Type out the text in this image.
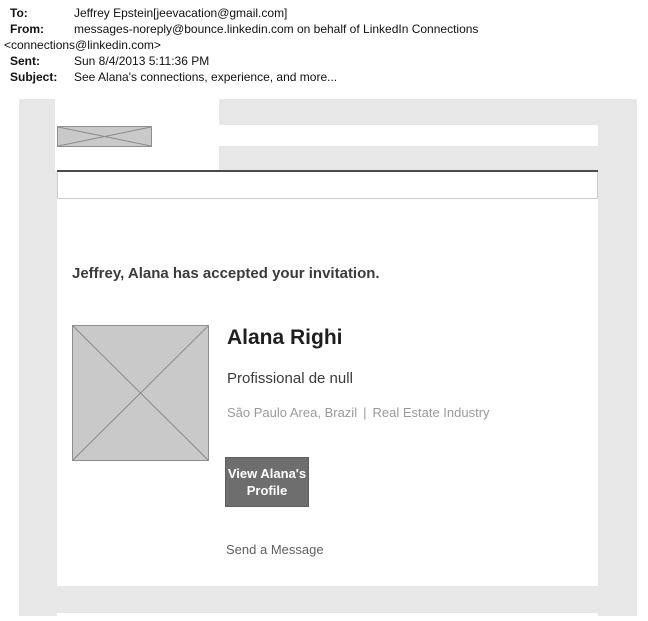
To:	Jeffrey Epstein[jeevacation@gmail.com]
From:	messages-noreply@bounce.linkedin.com on behalf of LinkedIn Connections
<connections@linkedin.com>
Sent:	Sun 8/4/2013 5:11:36 PM
Subject:	See Alana's connections, experience, and more...
Jeffrey, Alana has accepted your invitation.
Alana Righi
Profissional de null
São Paulo Area, Brazil | Real Estate Industry
View Alana's Profile
Send a Message
